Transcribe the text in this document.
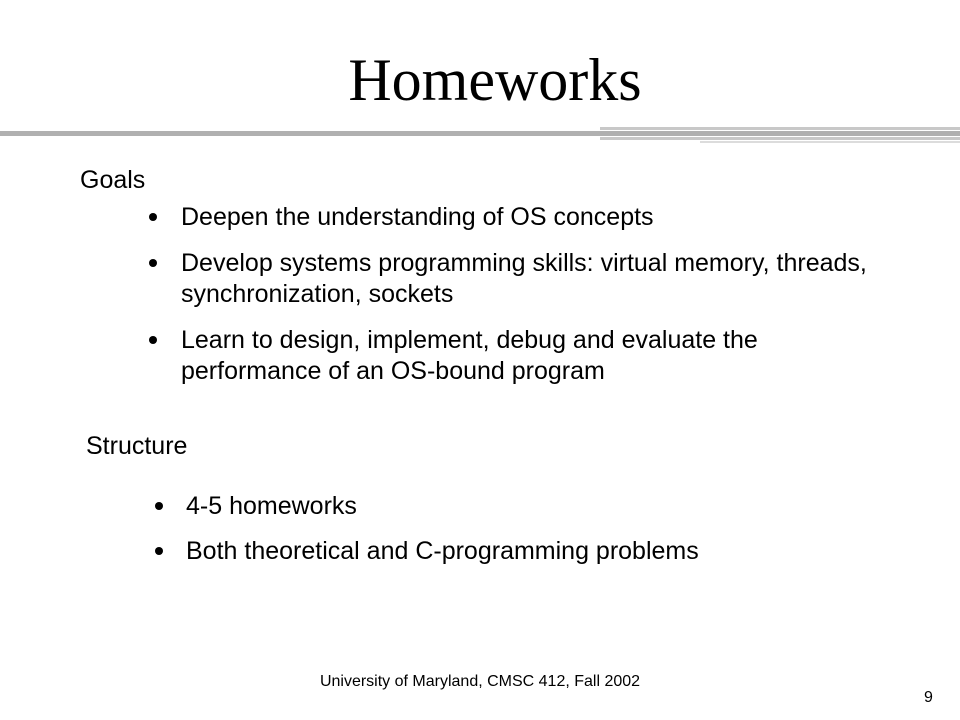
Homeworks
Goals
Deepen the understanding of OS concepts
Develop systems programming skills: virtual memory, threads, synchronization, sockets
Learn to design, implement, debug and evaluate the performance of an OS-bound program
Structure
4-5 homeworks
Both theoretical and C-programming problems
University of Maryland, CMSC 412, Fall 2002
9
